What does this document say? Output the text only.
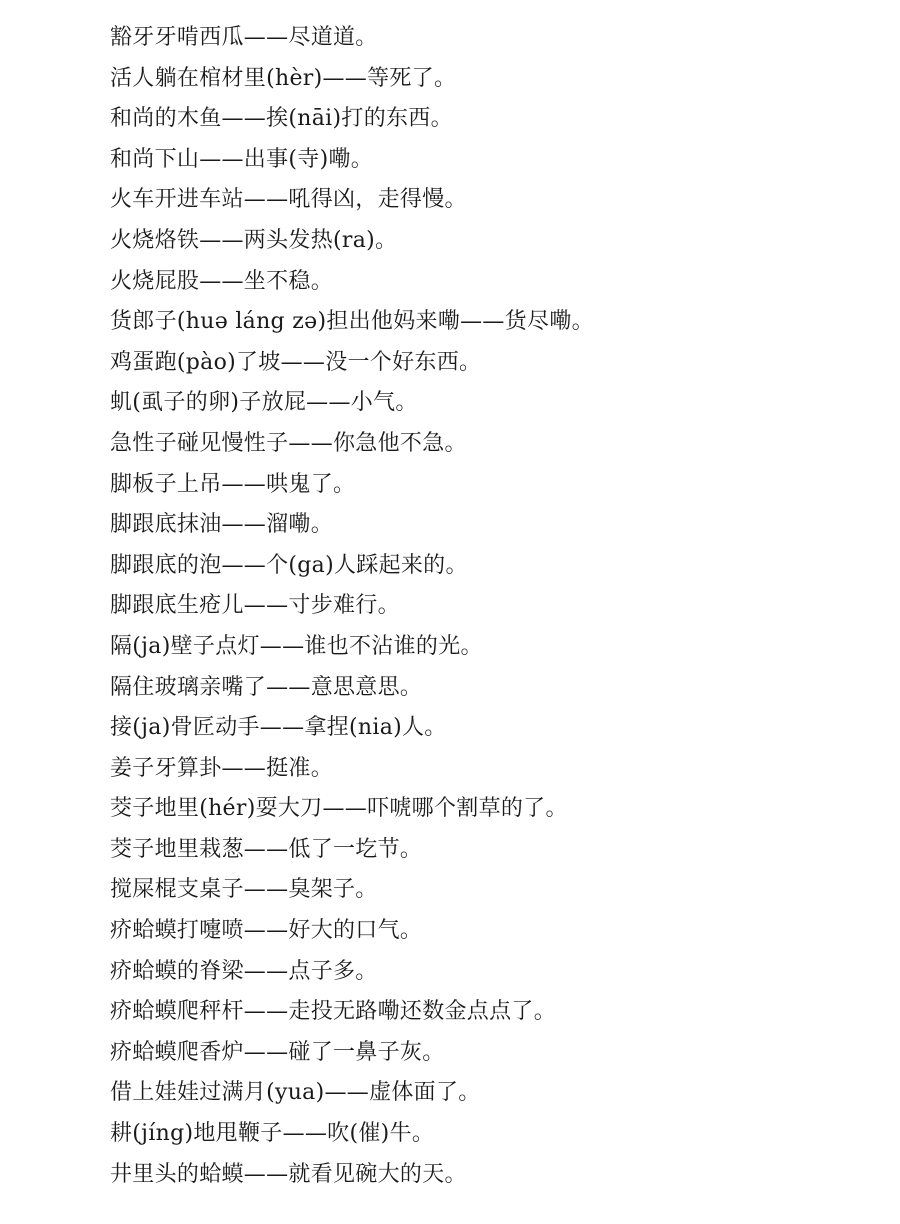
豁牙牙啃西瓜——尽道道。
活人躺在棺材里(hèr)——等死了。
和尚的木鱼——挨(nāi)打的东西。
和尚下山——出事(寺)嘞。
火车开进车站——吼得凶，走得慢。
火烧烙铁——两头发热(ra)。
火烧屁股——坐不稳。
货郎子(huə láng zə)担出他妈来嘞——货尽嘞。
鸡蛋跑(pào)了坡——没一个好东西。
虮(虱子的卵)子放屁——小气。
急性子碰见慢性子——你急他不急。
脚板子上吊——哄鬼了。
脚跟底抹油——溜嘞。
脚跟底的泡——个(ga)人踩起来的。
脚跟底生疮儿——寸步难行。
隔(ja)壁子点灯——谁也不沾谁的光。
隔住玻璃亲嘴了——意思意思。
接(ja)骨匠动手——拿捏(nia)人。
姜子牙算卦——挺准。
茭子地里(hér)耍大刀——吓唬哪个割草的了。
茭子地里栽葱——低了一圪节。
搅屎棍支桌子——臭架子。
疥蛤蟆打嚏喷——好大的口气。
疥蛤蟆的脊梁——点子多。
疥蛤蟆爬秤杆——走投无路嘞还数金点点了。
疥蛤蟆爬香炉——碰了一鼻子灰。
借上娃娃过满月(yua)——虚体面了。
耕(jíng)地甩鞭子——吹(催)牛。
井里头的蛤蟆——就看见碗大的天。
